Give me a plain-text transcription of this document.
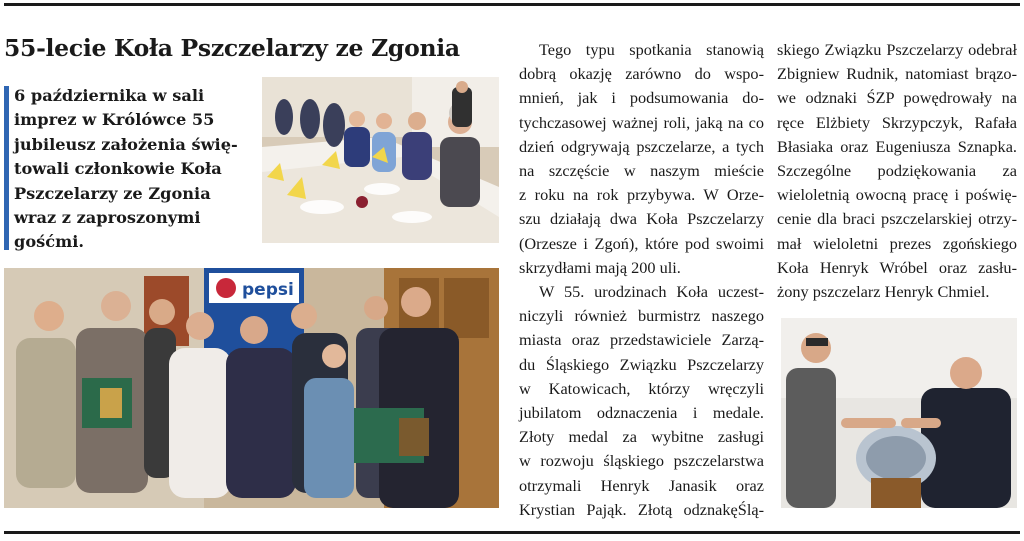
55-lecie Koła Pszczelarzy ze Zgonia

6 października w sali
imprez w Królówce 55
jubileusz założenia świę-
towali członkowie Koła
Pszczelarzy ze Zgonia
wraz z zaproszonymi
gośćmi.

pepsi
Tego typu spotkania stanowią
dobrą okazję zarówno do wspo-
mnień, jak i podsumowania do-
tychczasowej ważnej roli, jaką na co
dzień odgrywają pszczelarze, a tych
na szczęście w naszym mieście
z roku na rok przybywa. W Orze-
szu działają dwa Koła Pszczelarzy
(Orzesze i Zgoń), które pod swoimi
skrzydłami mają 200 uli.
W 55. urodzinach Koła uczest-
niczyli również burmistrz naszego
miasta oraz przedstawiciele Zarzą-
du Śląskiego Związku Pszczelarzy
w Katowicach, którzy wręczyli
jubilatom odznaczenia i medale.
Złoty medal za wybitne zasługi
w rozwoju śląskiego pszczelarstwa
otrzymali Henryk Janasik oraz
Krystian Pająk. Złotą odznakęŚlą-
skiego Związku Pszczelarzy odebrał
Zbigniew Rudnik, natomiast brązo-
we odznaki ŚZP powędrowały na
ręce Elżbiety Skrzypczyk, Rafała
Błasiaka oraz Eugeniusza Sznapka.
Szczególne podziękowania za
wieloletnią owocną pracę i poświę-
cenie dla braci pszczelarskiej otrzy-
mał wieloletni prezes zgońskiego
Koła Henryk Wróbel oraz zasłu-
żony pszczelarz Henryk Chmiel.
